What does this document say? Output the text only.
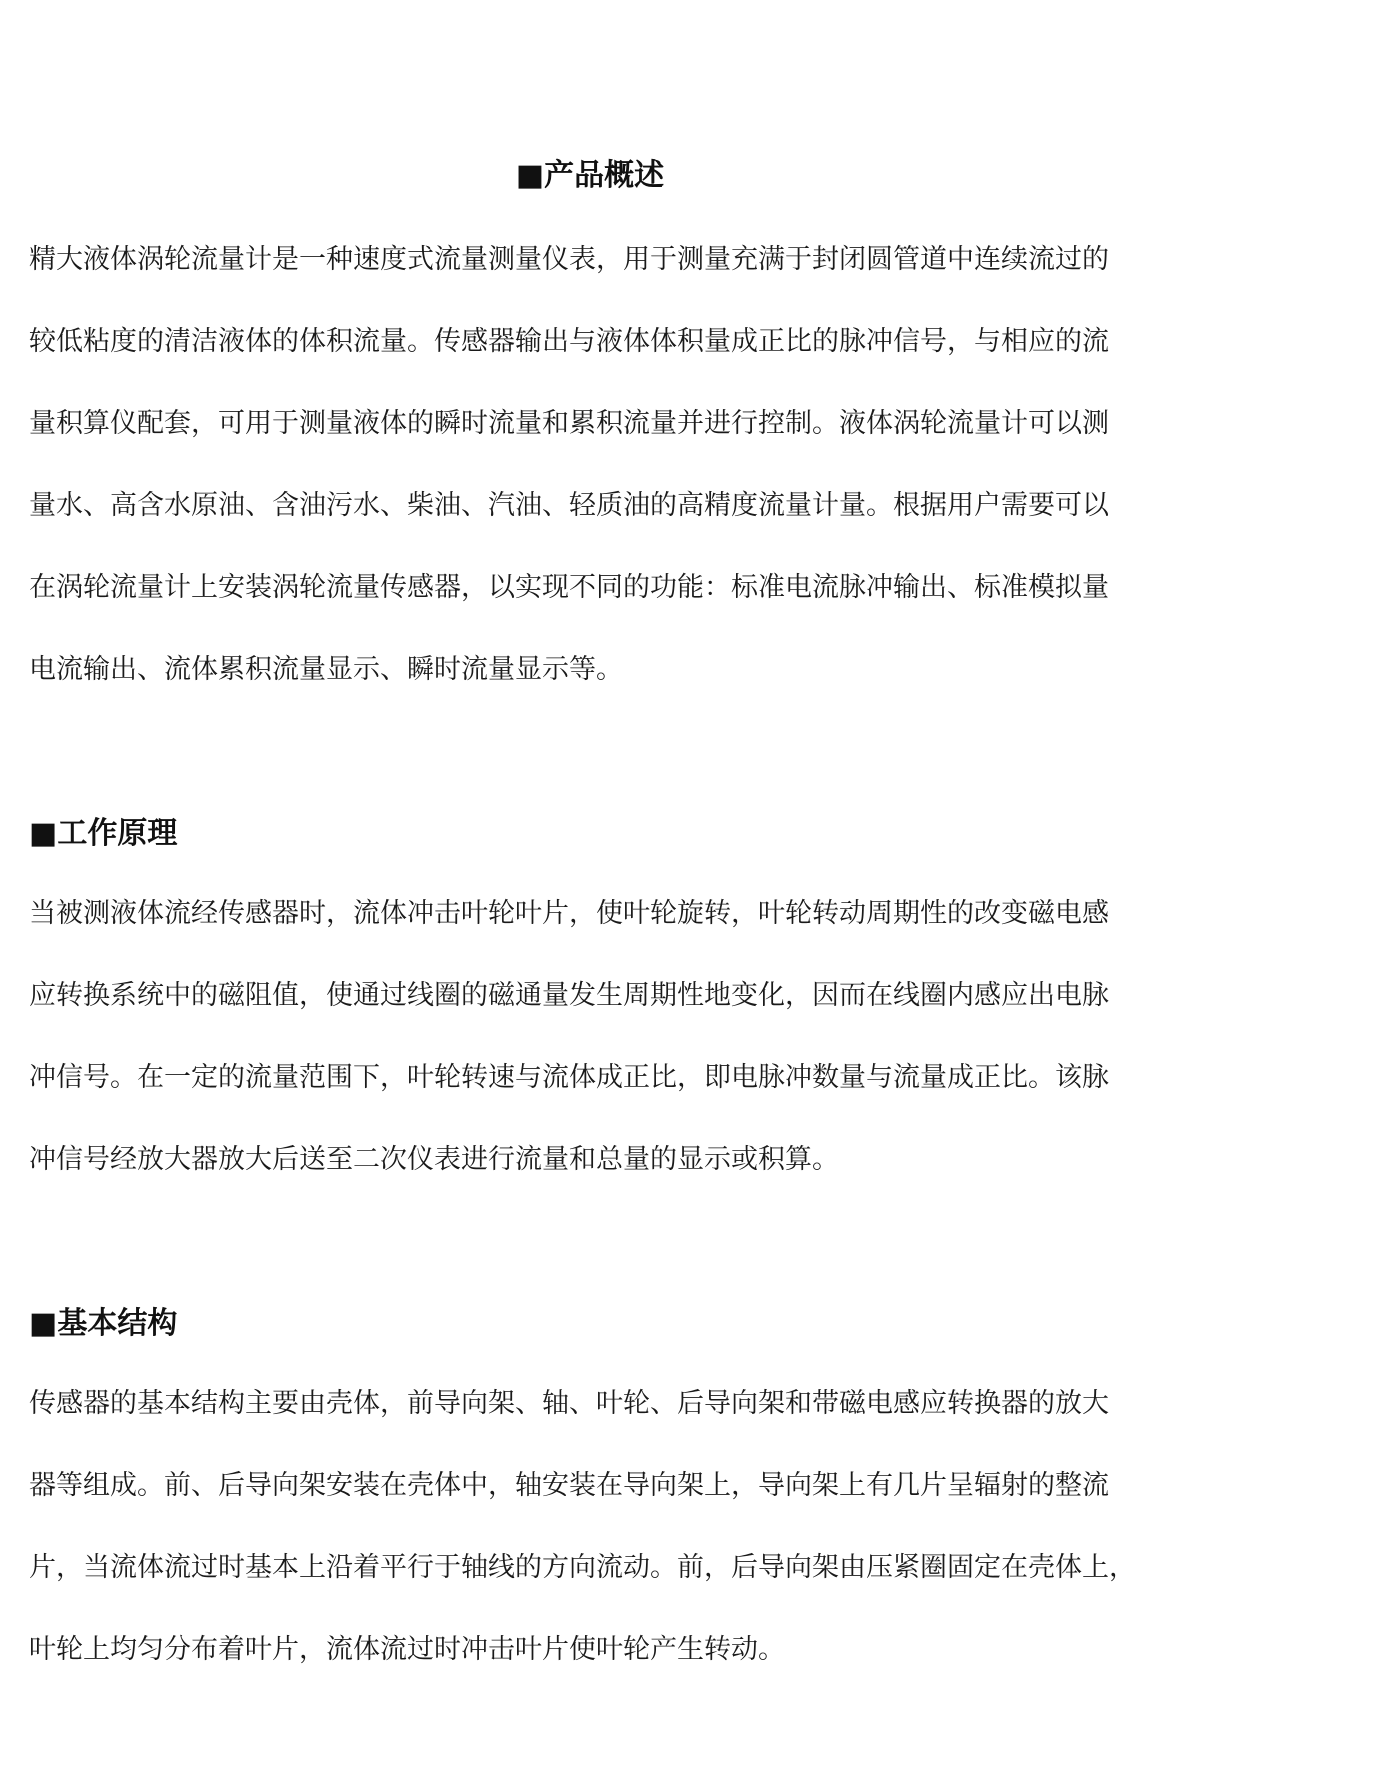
■产品概述

精大液体涡轮流量计是一种速度式流量测量仪表，用于测量充满于封闭圆管道中连续流过的

较低粘度的清洁液体的体积流量。传感器输出与液体体积量成正比的脉冲信号，与相应的流

量积算仪配套，可用于测量液体的瞬时流量和累积流量并进行控制。液体涡轮流量计可以测

量水、高含水原油、含油污水、柴油、汽油、轻质油的高精度流量计量。根据用户需要可以

在涡轮流量计上安装涡轮流量传感器，以实现不同的功能：标准电流脉冲输出、标准模拟量

电流输出、流体累积流量显示、瞬时流量显示等。

■工作原理

当被测液体流经传感器时，流体冲击叶轮叶片，使叶轮旋转，叶轮转动周期性的改变磁电感

应转换系统中的磁阻值，使通过线圈的磁通量发生周期性地变化，因而在线圈内感应出电脉

冲信号。在一定的流量范围下，叶轮转速与流体成正比，即电脉冲数量与流量成正比。该脉

冲信号经放大器放大后送至二次仪表进行流量和总量的显示或积算。

■基本结构

传感器的基本结构主要由壳体，前导向架、轴、叶轮、后导向架和带磁电感应转换器的放大

器等组成。前、后导向架安装在壳体中，轴安装在导向架上，导向架上有几片呈辐射的整流

片，当流体流过时基本上沿着平行于轴线的方向流动。前，后导向架由压紧圈固定在壳体上，

叶轮上均匀分布着叶片，流体流过时冲击叶片使叶轮产生转动。
